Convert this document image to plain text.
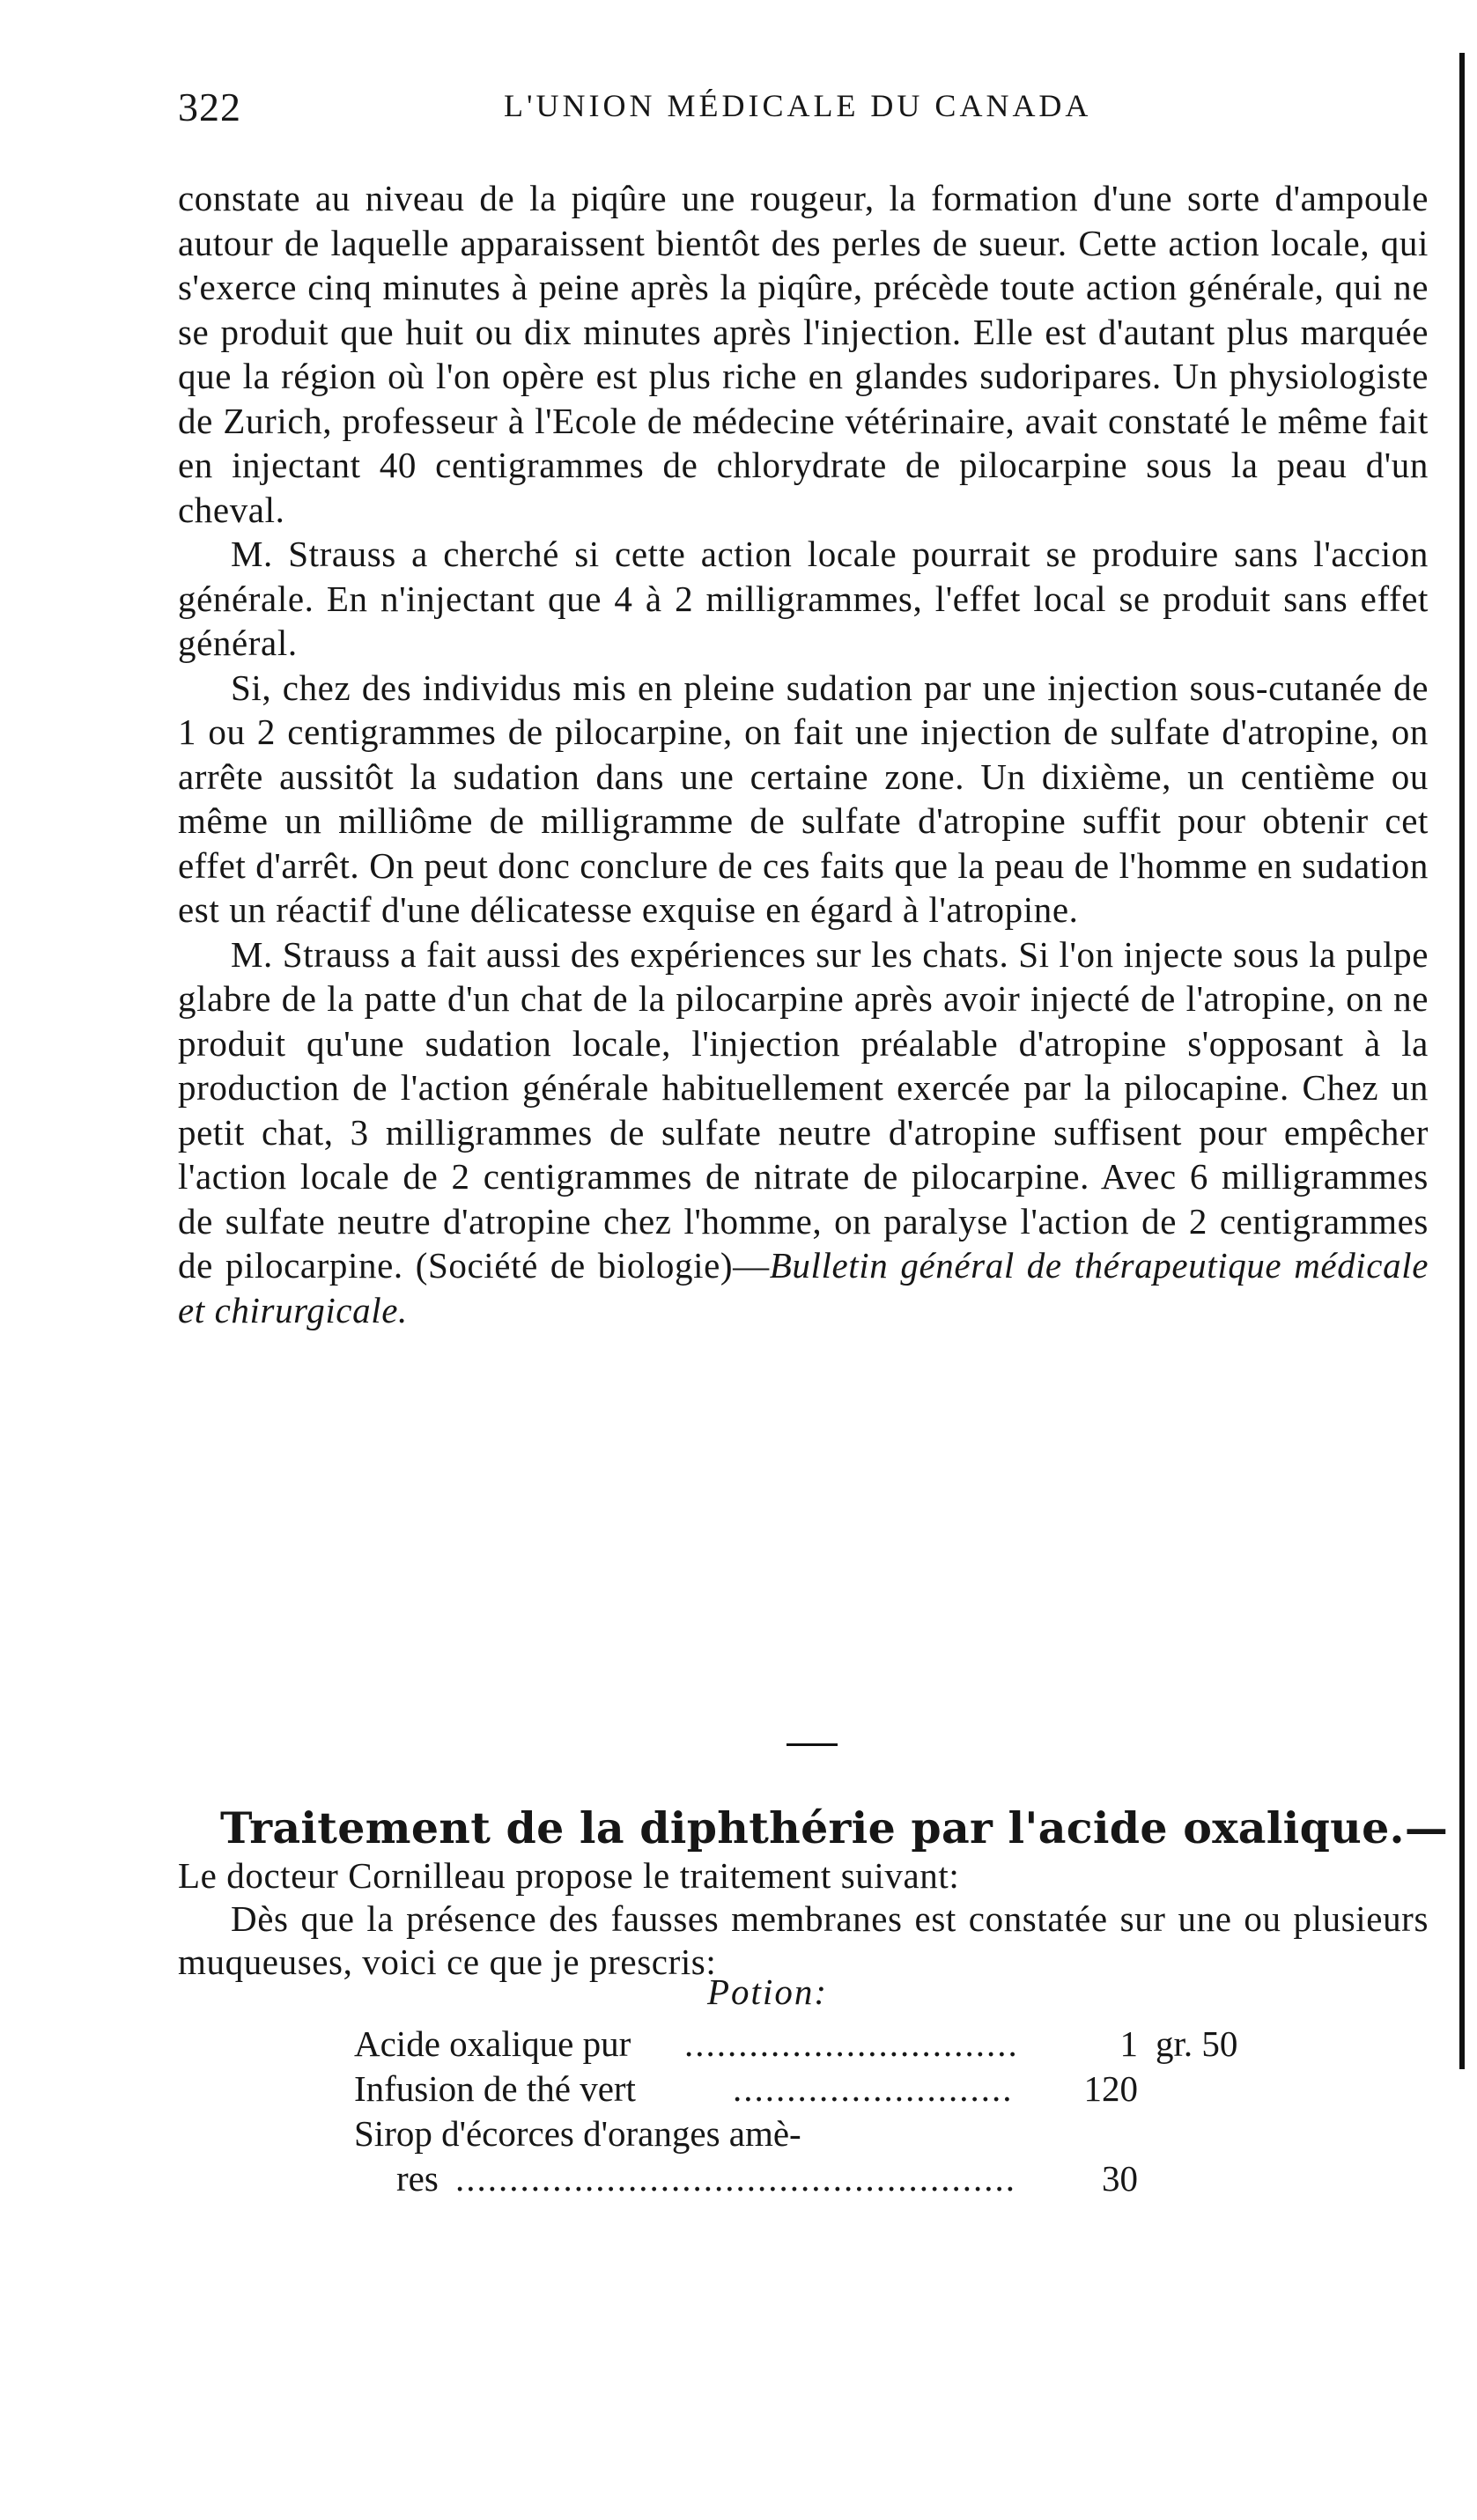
322	L'UNION MÉDICALE DU CANADA

constate au niveau de la piqûre une rougeur, la formation d'une sorte d'ampoule autour de laquelle apparaissent bientôt des perles de sueur. Cette action locale, qui s'exerce cinq minutes à peine après la piqûre, précède toute action générale, qui ne se produit que huit ou dix minutes après l'injection. Elle est d'autant plus marquée que la région où l'on opère est plus riche en glandes sudoripares. Un physiologiste de Zurich, professeur à l'Ecole de médecine vétérinaire, avait constaté le même fait en injectant 40 centigrammes de chlorydrate de pilocarpine sous la peau d'un cheval.

M. Strauss a cherché si cette action locale pourrait se produire sans l'accion générale. En n'injectant que 4 à 2 milligrammes, l'effet local se produit sans effet général.

Si, chez des individus mis en pleine sudation par une injection sous-cutanée de 1 ou 2 centigrammes de pilocarpine, on fait une injection de sulfate d'atropine, on arrête aussitôt la sudation dans une certaine zone. Un dixième, un centième ou même un milliôme de milligramme de sulfate d'atropine suffit pour obtenir cet effet d'arrêt. On peut donc conclure de ces faits que la peau de l'homme en sudation est un réactif d'une délicatesse exquise en égard à l'atropine.

M. Strauss a fait aussi des expériences sur les chats. Si l'on injecte sous la pulpe glabre de la patte d'un chat de la pilocarpine après avoir injecté de l'atropine, on ne produit qu'une sudation locale, l'injection préalable d'atropine s'opposant à la production de l'action générale habituellement exercée par la pilocapine. Chez un petit chat, 3 milligrammes de sulfate neutre d'atropine suffisent pour empêcher l'action locale de 2 centigrammes de nitrate de pilocarpine. Avec 6 milligrammes de sulfate neutre d'atropine chez l'homme, on paralyse l'action de 2 centigrammes de pilocarpine. (Société de biologie)—Bulletin général de thérapeutique médicale et chirurgicale.

Traitement de la diphthérie par l'acide oxalique.—

Le docteur Cornilleau propose le traitement suivant:

Dès que la présence des fausses membranes est constatée sur une ou plusieurs muqueuses, voici ce que je prescris:

Potion:
Acide oxalique pur ...............................	1 gr. 50
Infusion de thé vert	..........................	120
Sirop d'écorces d'oranges amè-
res ....................................................	30
